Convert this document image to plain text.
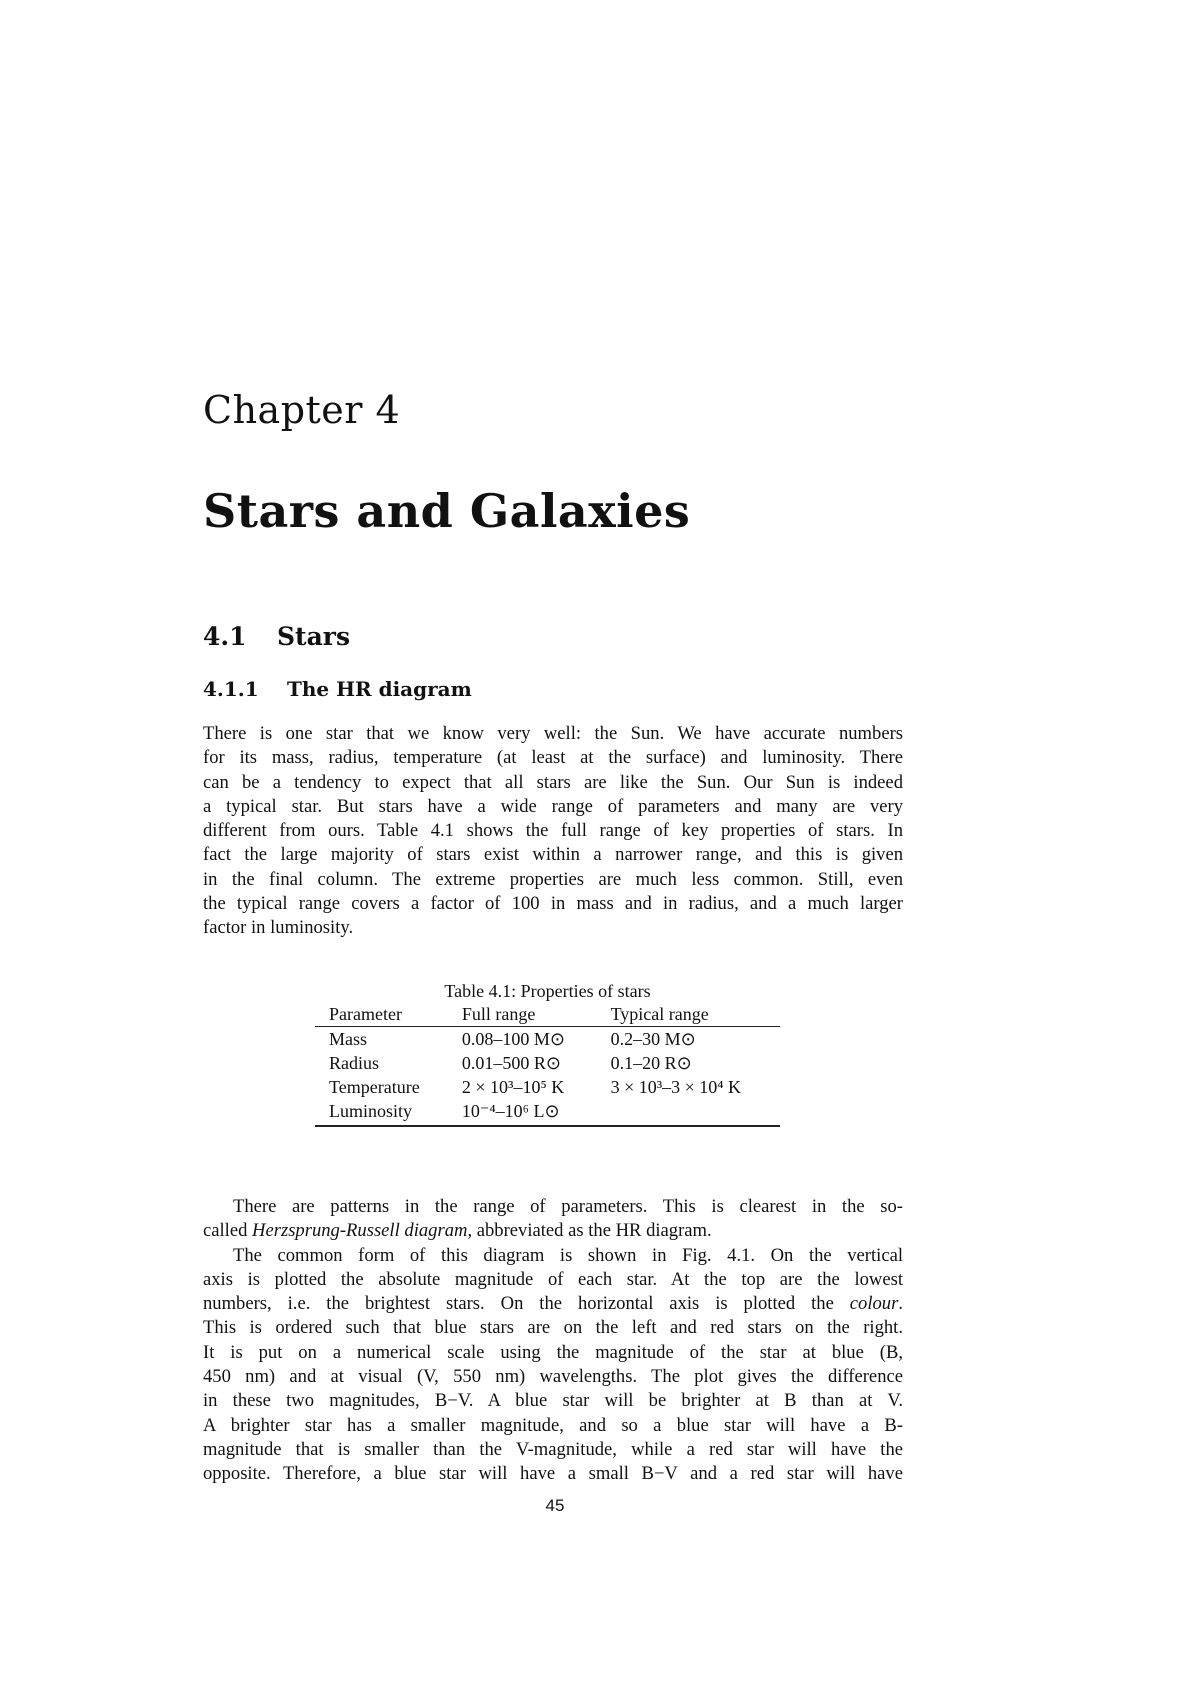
Chapter 4
Stars and Galaxies
4.1 Stars
4.1.1 The HR diagram
There is one star that we know very well: the Sun. We have accurate numbers
for its mass, radius, temperature (at least at the surface) and luminosity. There
can be a tendency to expect that all stars are like the Sun. Our Sun is indeed
a typical star. But stars have a wide range of parameters and many are very
different from ours. Table 4.1 shows the full range of key properties of stars. In
fact the large majority of stars exist within a narrower range, and this is given
in the final column. The extreme properties are much less common. Still, even
the typical range covers a factor of 100 in mass and in radius, and a much larger
factor in luminosity.
Table 4.1: Properties of stars
Parameter	Full range	Typical range
Mass	0.08–100 M⊙	0.2–30 M⊙
Radius	0.01–500 R⊙	0.1–20 R⊙
Temperature	2 × 10³–10⁵ K	3 × 10³–3 × 10⁴ K
Luminosity	10⁻⁴–10⁶ L⊙	
There are patterns in the range of parameters. This is clearest in the so-
called Herzsprung-Russell diagram, abbreviated as the HR diagram.
The common form of this diagram is shown in Fig. 4.1. On the vertical
axis is plotted the absolute magnitude of each star. At the top are the lowest
numbers, i.e. the brightest stars. On the horizontal axis is plotted the colour.
This is ordered such that blue stars are on the left and red stars on the right.
It is put on a numerical scale using the magnitude of the star at blue (B,
450 nm) and at visual (V, 550 nm) wavelengths. The plot gives the difference
in these two magnitudes, B−V. A blue star will be brighter at B than at V.
A brighter star has a smaller magnitude, and so a blue star will have a B-
magnitude that is smaller than the V-magnitude, while a red star will have the
opposite. Therefore, a blue star will have a small B−V and a red star will have
45
